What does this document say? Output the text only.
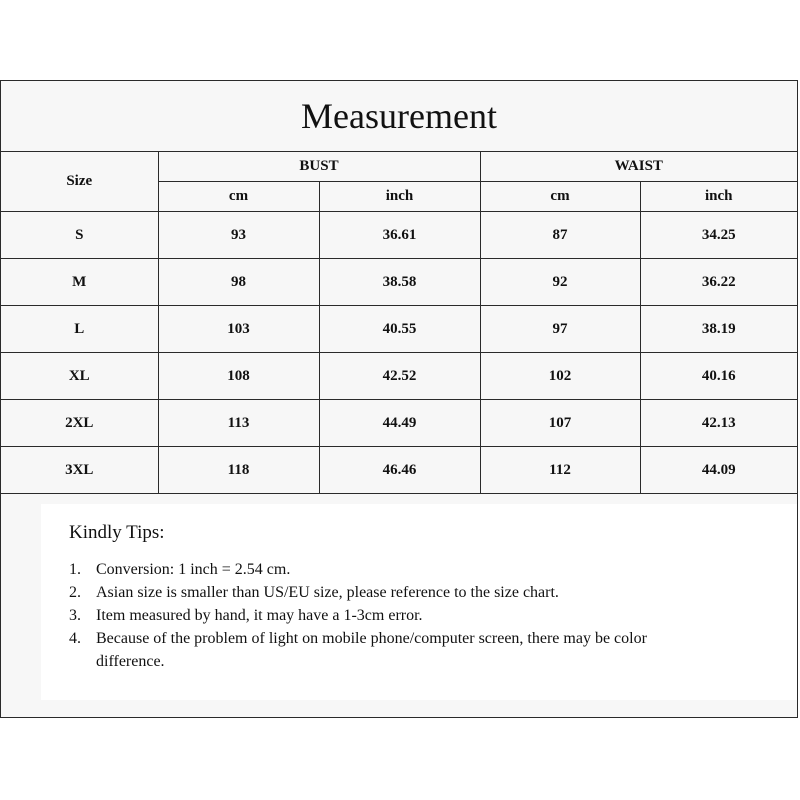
Measurement
Size	BUST		WAIST	
	cm	inch	cm	inch
S	93	36.61	87	34.25
M	98	38.58	92	36.22
L	103	40.55	97	38.19
XL	108	42.52	102	40.16
2XL	113	44.49	107	42.13
3XL	118	46.46	112	44.09
Kindly Tips:
1. Conversion: 1 inch = 2.54 cm.
2. Asian size is smaller than US/EU size, please reference to the size chart.
3. Item measured by hand, it may have a 1-3cm error.
4. Because of the problem of light on mobile phone/computer screen, there may be color difference.
